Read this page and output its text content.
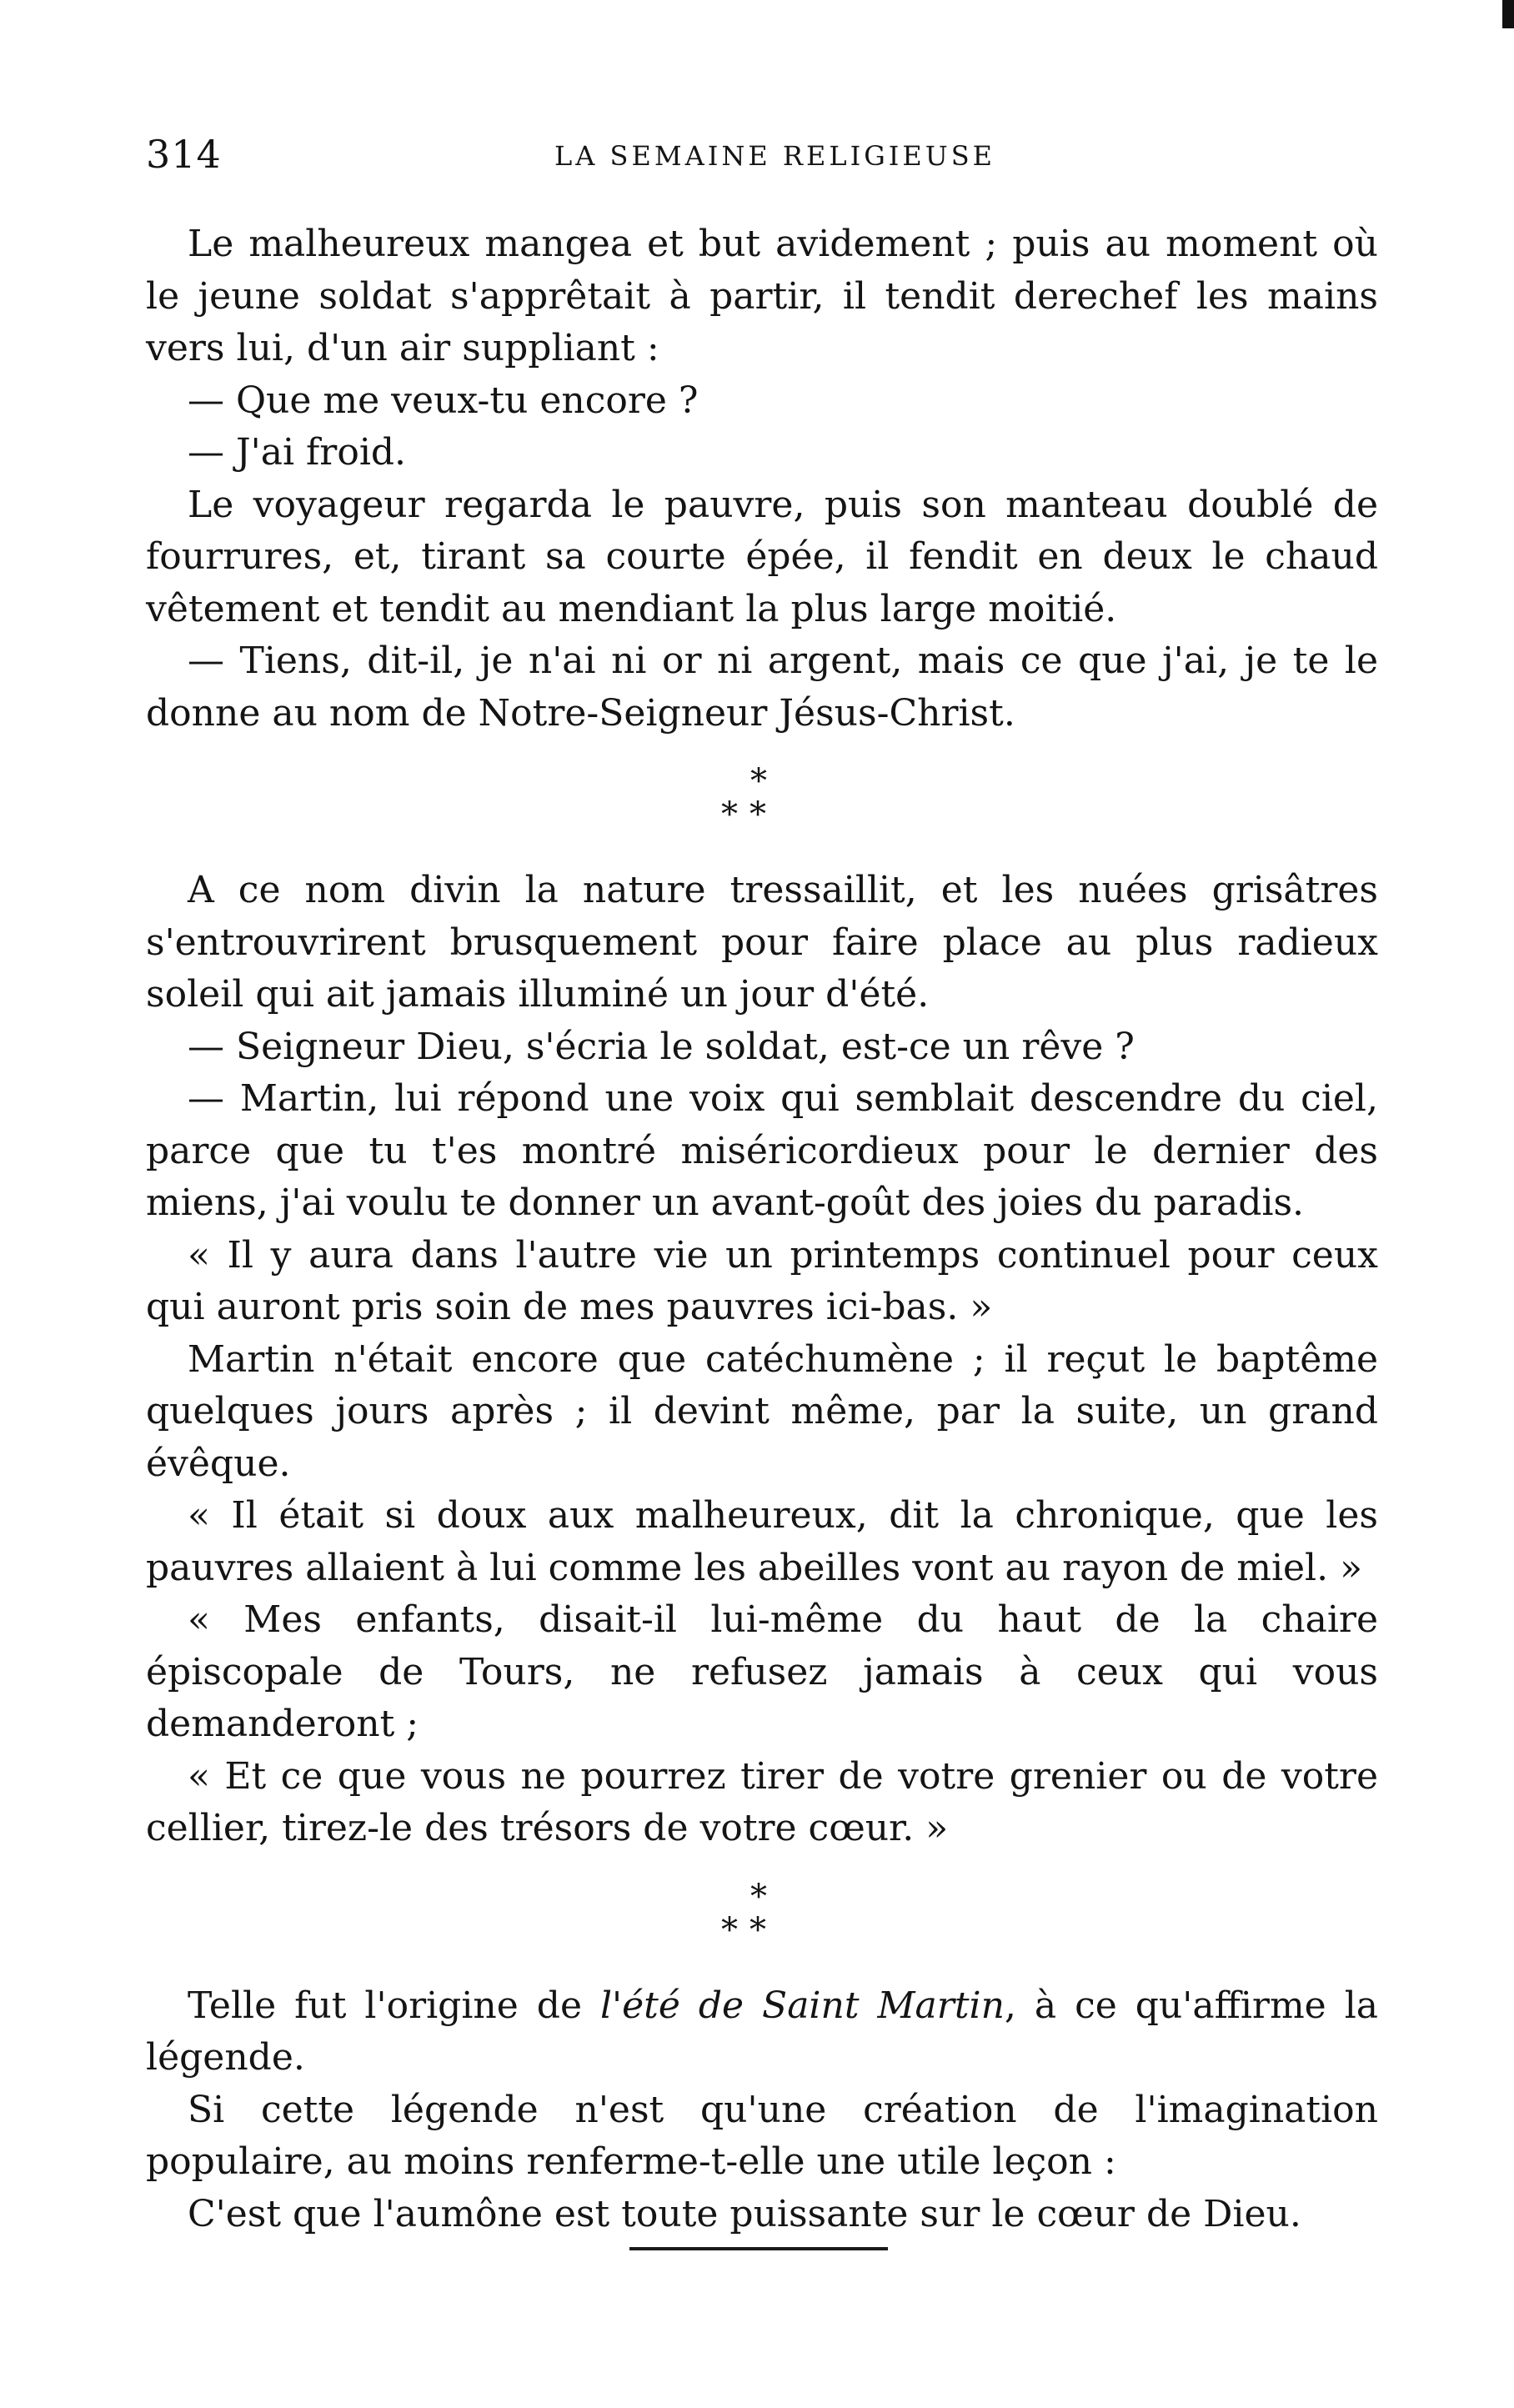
314	LA SEMAINE RELIGIEUSE

Le malheureux mangea et but avidement ; puis au moment où le jeune soldat s'apprêtait à partir, il tendit derechef les mains vers lui, d'un air suppliant :

— Que me veux-tu encore ?

— J'ai froid.

Le voyageur regarda le pauvre, puis son manteau doublé de fourrures, et, tirant sa courte épée, il fendit en deux le chaud vêtement et tendit au mendiant la plus large moitié.

— Tiens, dit-il, je n'ai ni or ni argent, mais ce que j'ai, je te le donne au nom de Notre-Seigneur Jésus-Christ.

*
**

A ce nom divin la nature tressaillit, et les nuées grisâtres s'entrouvrirent brusquement pour faire place au plus radieux soleil qui ait jamais illuminé un jour d'été.

— Seigneur Dieu, s'écria le soldat, est-ce un rêve ?

— Martin, lui répond une voix qui semblait descendre du ciel, parce que tu t'es montré miséricordieux pour le dernier des miens, j'ai voulu te donner un avant-goût des joies du paradis.

« Il y aura dans l'autre vie un printemps continuel pour ceux qui auront pris soin de mes pauvres ici-bas. »

Martin n'était encore que catéchumène ; il reçut le baptême quelques jours après ; il devint même, par la suite, un grand évêque.

« Il était si doux aux malheureux, dit la chronique, que les pauvres allaient à lui comme les abeilles vont au rayon de miel. »

« Mes enfants, disait-il lui-même du haut de la chaire épiscopale de Tours, ne refusez jamais à ceux qui vous demanderont ;

« Et ce que vous ne pourrez tirer de votre grenier ou de votre cellier, tirez-le des trésors de votre cœur. »

*
**

Telle fut l'origine de l'été de Saint Martin, à ce qu'affirme la légende.

Si cette légende n'est qu'une création de l'imagination populaire, au moins renferme-t-elle une utile leçon :

C'est que l'aumône est toute puissante sur le cœur de Dieu.
